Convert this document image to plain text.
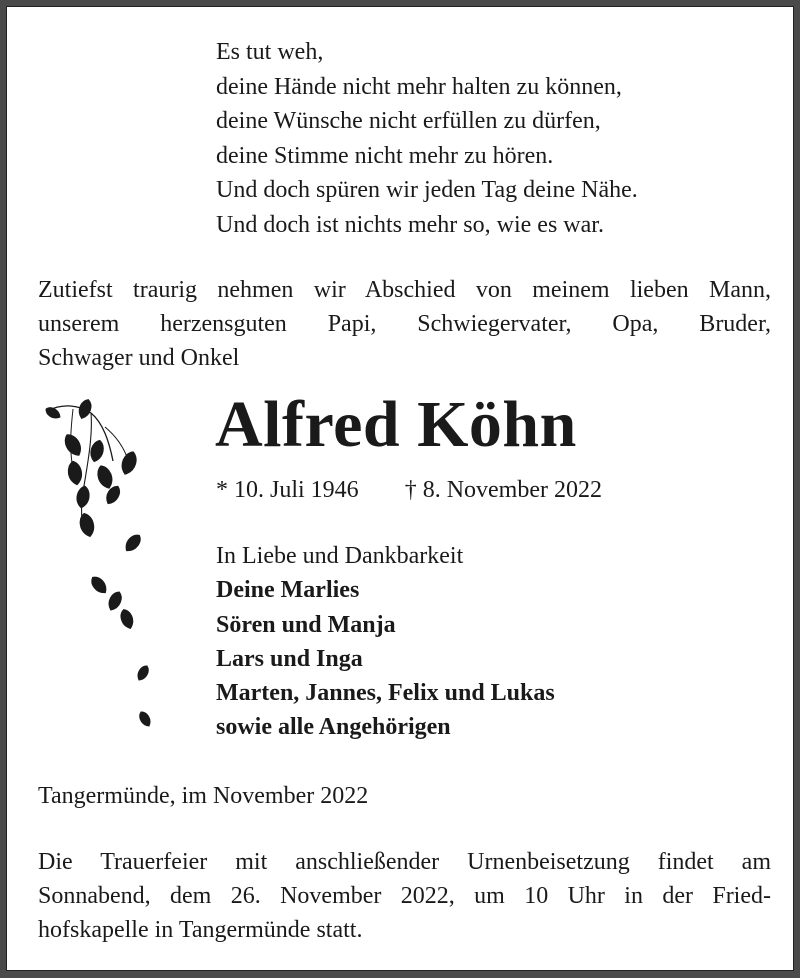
Es tut weh,
deine Hände nicht mehr halten zu können,
deine Wünsche nicht erfüllen zu dürfen,
deine Stimme nicht mehr zu hören.
Und doch spüren wir jeden Tag deine Nähe.
Und doch ist nichts mehr so, wie es war.
Zutiefst traurig nehmen wir Abschied von meinem lieben Mann,
unserem herzensguten Papi, Schwiegervater, Opa, Bruder,
Schwager und Onkel
Alfred Köhn
* 10. Juli 1946 † 8. November 2022
In Liebe und Dankbarkeit
Deine Marlies
Sören und Manja
Lars und Inga
Marten, Jannes, Felix und Lukas
sowie alle Angehörigen
Tangermünde, im November 2022
Die Trauerfeier mit anschließender Urnenbeisetzung findet am
Sonnabend, dem 26. November 2022, um 10 Uhr in der Fried-
hofskapelle in Tangermünde statt.
